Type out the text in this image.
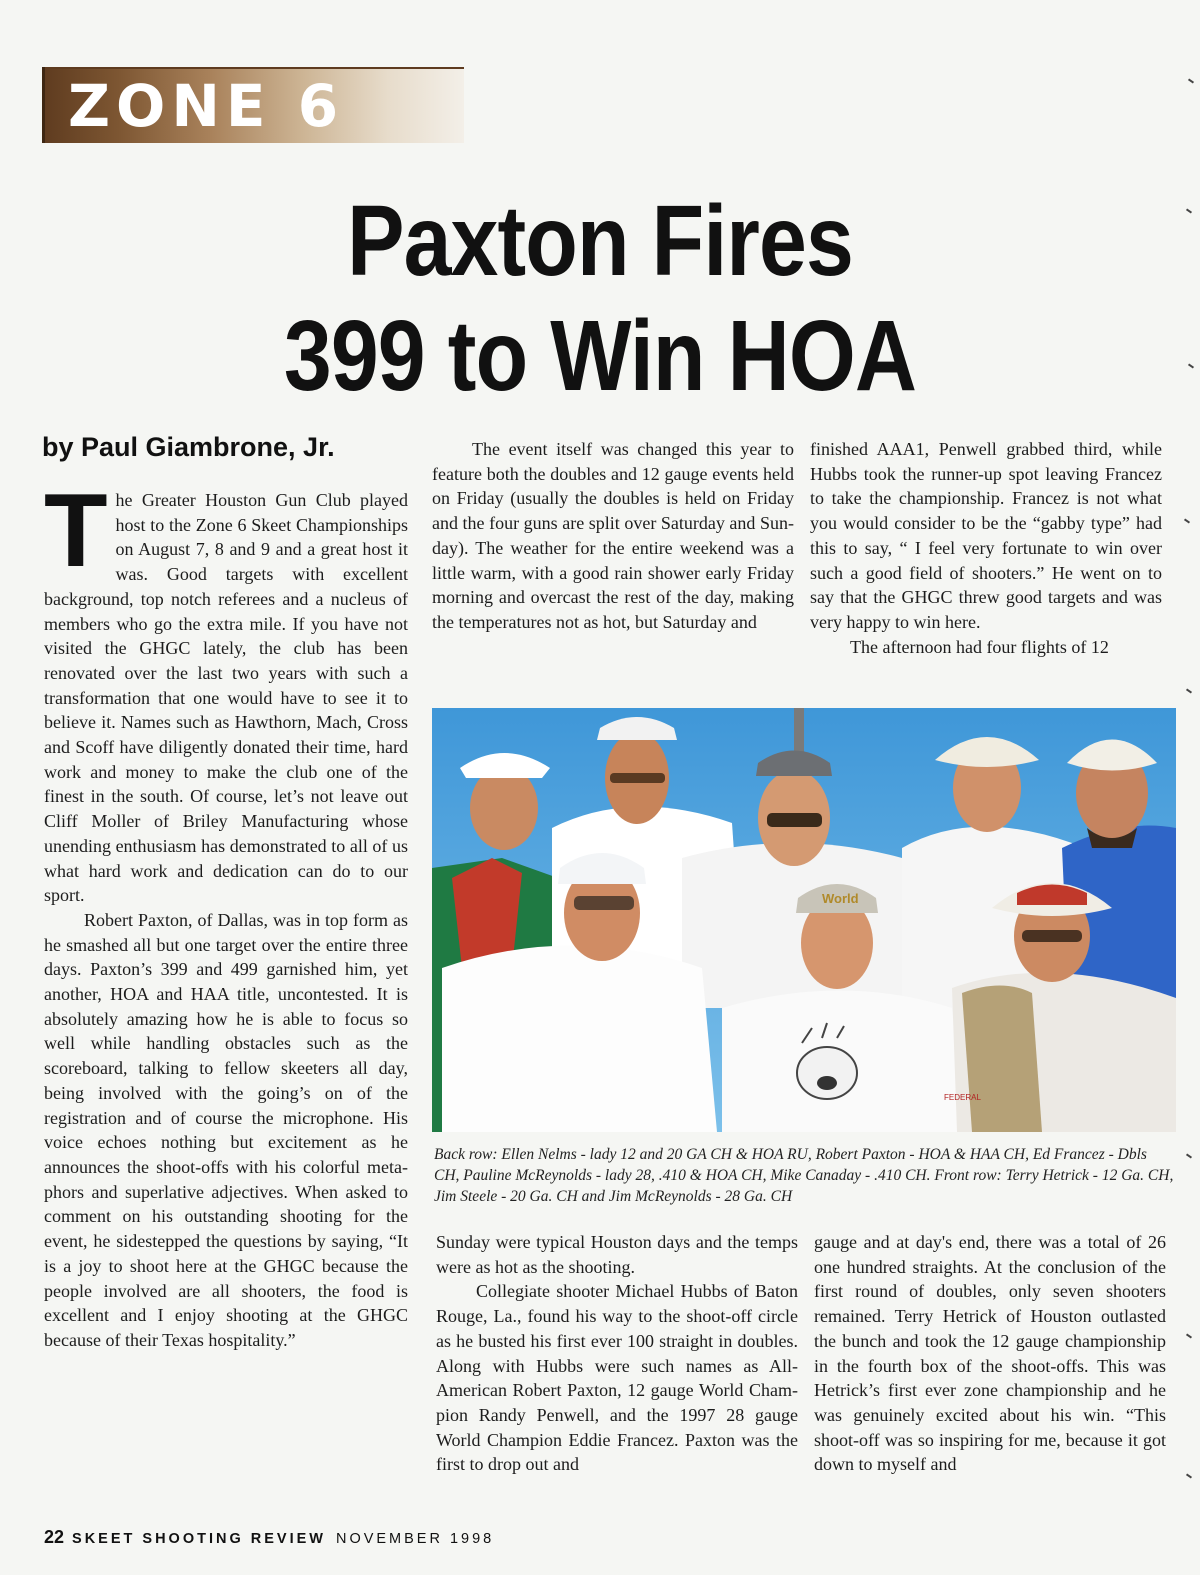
ZONE 6
Paxton Fires
399 to Win HOA
by Paul Giambrone, Jr.

The Greater Houston Gun Club played host to the Zone 6 Skeet Championships on August 7, 8 and 9 and a great host it was. Good targets with excellent background, top notch referees and a nucleus of members who go the extra mile. If you have not visited the GHGC lately, the club has been renovated over the last two years with such a transformation that one would have to see it to believe it. Names such as Hawthorn, Mach, Cross and Scoff have diligently donated their time, hard work and money to make the club one of the finest in the south. Of course, let’s not leave out Cliff Moller of Briley Manufacturing whose unending enthusiasm has demonstrated to all of us what hard work and dedication can do to our sport.

Robert Paxton, of Dallas, was in top form as he smashed all but one target over the entire three days. Paxton’s 399 and 499 garnished him, yet another, HOA and HAA title, uncontested. It is absolutely amazing how he is able to focus so well while handling obstacles such as the scoreboard, talking to fellow skeeters all day, being involved with the going’s on of the registration and of course the microphone. His voice echoes nothing but excitement as he announces the shoot-offs with his colorful metaphors and superlative adjectives. When asked to comment on his outstanding shooting for the event, he sidestepped the questions by saying, “It is a joy to shoot here at the GHGC because the people involved are all shooters, the food is excellent and I enjoy shooting at the GHGC because of their Texas hospitality.”

The event itself was changed this year to feature both the doubles and 12 gauge events held on Friday (usually the doubles is held on Friday and the four guns are split over Saturday and Sunday). The weather for the entire weekend was a little warm, with a good rain shower early Friday morning and overcast the rest of the day, making the temperatures not as hot, but Saturday and

finished AAA1, Penwell grabbed third, while Hubbs took the runner-up spot leaving Francez to take the championship. Francez is not what you would consider to be the “gabby type” had this to say, “ I feel very fortunate to win over such a good field of shooters.” He went on to say that the GHGC threw good targets and was very happy to win here.

The afternoon had four flights of 12

World
FEDERAL
Back row: Ellen Nelms - lady 12 and 20 GA CH & HOA RU, Robert Paxton - HOA & HAA CH, Ed Francez - Dbls CH, Pauline McReynolds - lady 28, .410 & HOA CH, Mike Canaday - .410 CH. Front row: Terry Hetrick - 12 Ga. CH, Jim Steele - 20 Ga. CH and Jim McReynolds - 28 Ga. CH

Sunday were typical Houston days and the temps were as hot as the shooting.

Collegiate shooter Michael Hubbs of Baton Rouge, La., found his way to the shoot-off circle as he busted his first ever 100 straight in doubles. Along with Hubbs were such names as All-American Robert Paxton, 12 gauge World Champion Randy Penwell, and the 1997 28 gauge World Champion Eddie Francez. Paxton was the first to drop out and

gauge and at day's end, there was a total of 26 one hundred straights. At the conclusion of the first round of doubles, only seven shooters remained. Terry Hetrick of Houston outlasted the bunch and took the 12 gauge championship in the fourth box of the shoot-offs. This was Hetrick’s first ever zone championship and he was genuinely excited about his win. “This shoot-off was so inspiring for me, because it got down to myself and

22 SKEET SHOOTING REVIEW NOVEMBER 1998
